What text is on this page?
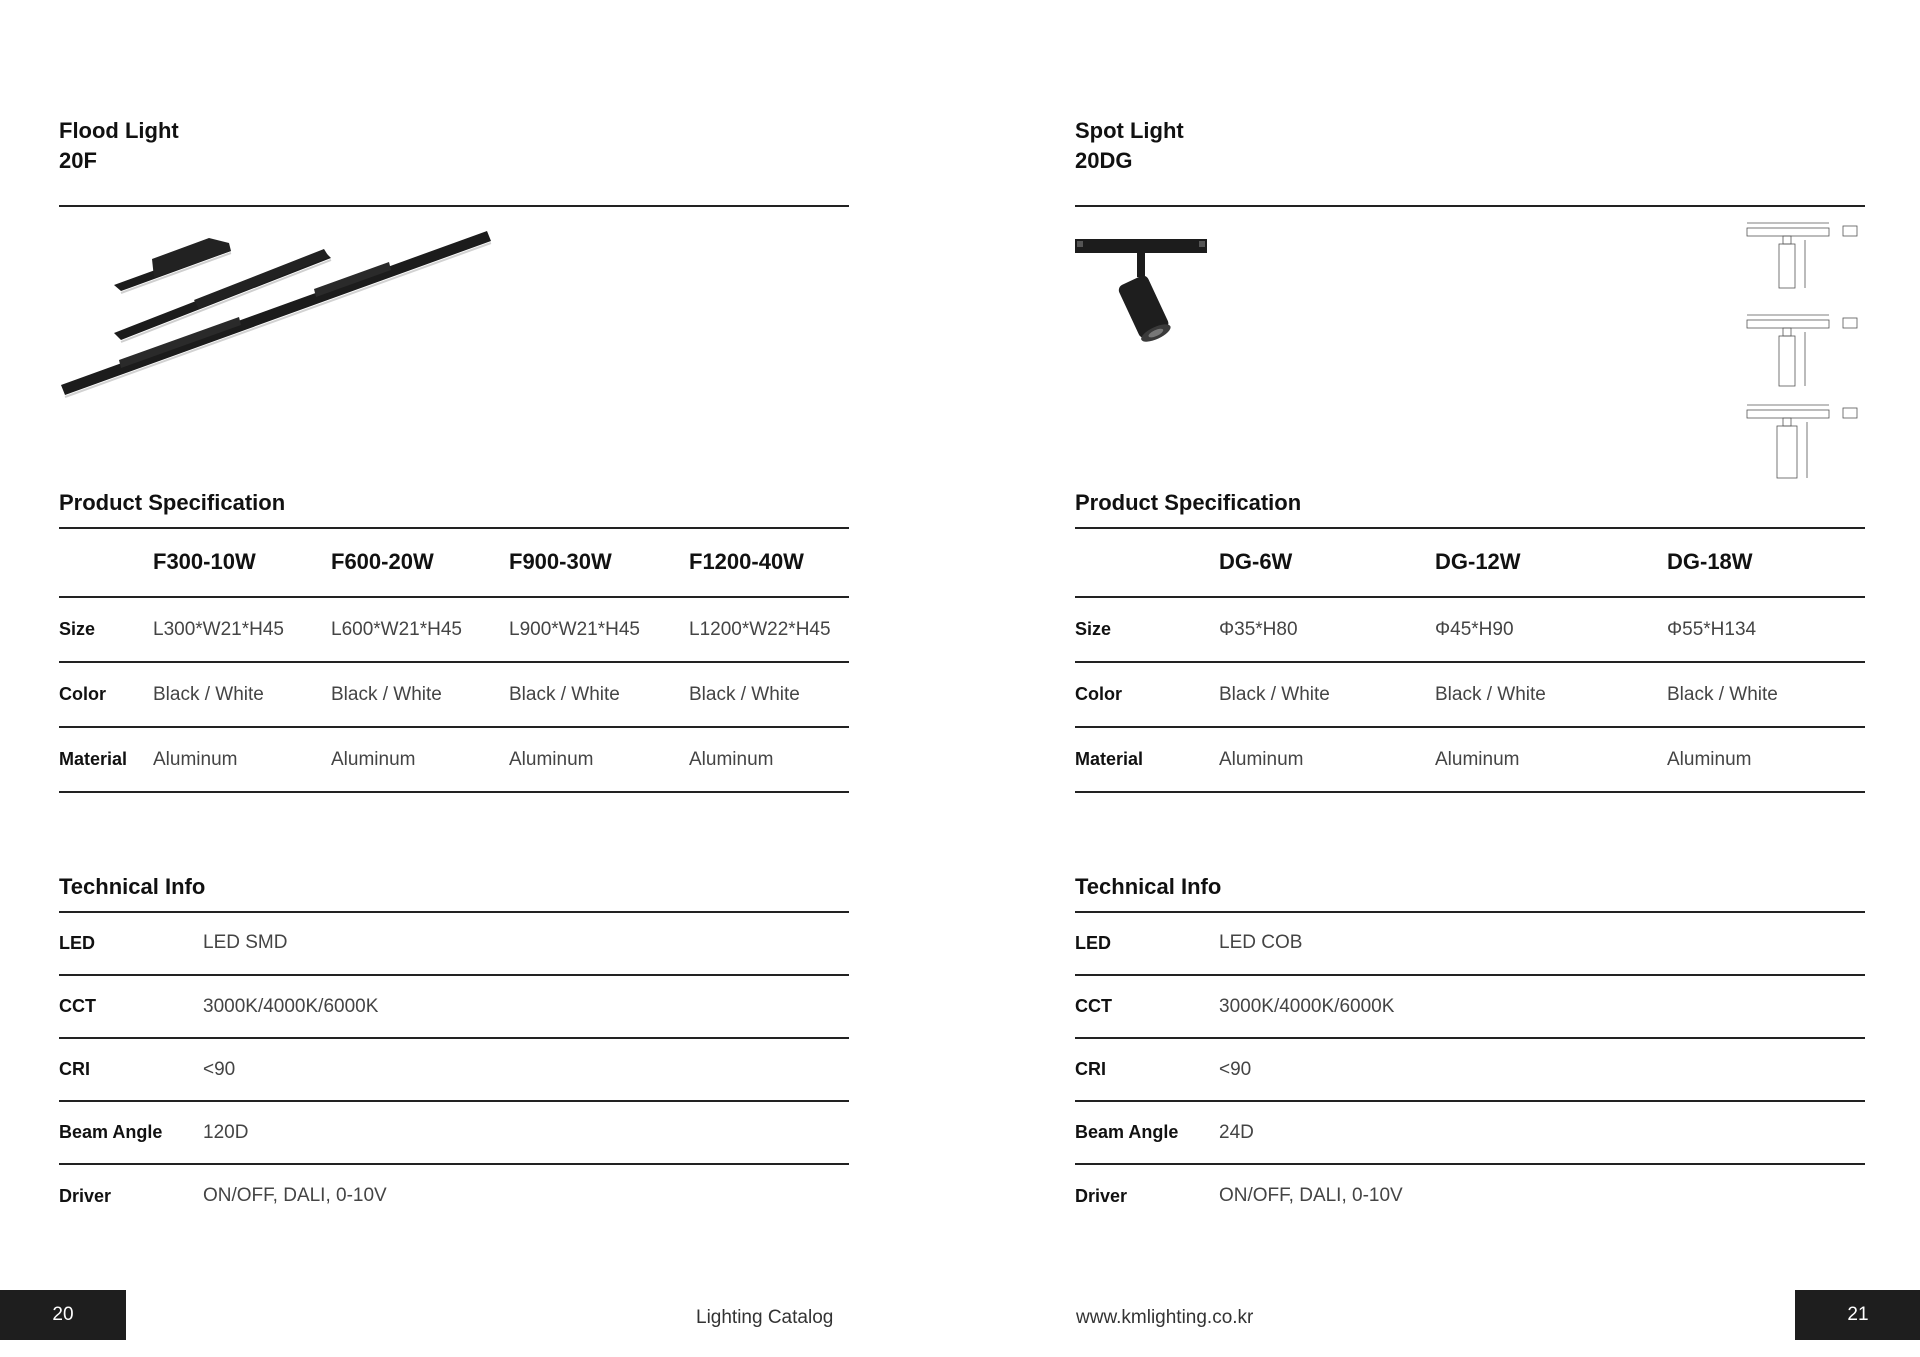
Flood Light
20F
Product Specification
	F300-10W	F600-20W	F900-30W	F1200-40W
Size	L300*W21*H45	L600*W21*H45	L900*W21*H45	L1200*W22*H45
Color	Black / White	Black / White	Black / White	Black / White
Material	Aluminum	Aluminum	Aluminum	Aluminum
Technical Info
LED	LED SMD
CCT	3000K/4000K/6000K
CRI	<90
Beam Angle	120D
Driver	ON/OFF, DALI, 0-10V
20	Lighting Catalog
Spot Light
20DG
Product Specification
	DG-6W	DG-12W	DG-18W
Size	Φ35*H80	Φ45*H90	Φ55*H134
Color	Black / White	Black / White	Black / White
Material	Aluminum	Aluminum	Aluminum
Technical Info
LED	LED COB
CCT	3000K/4000K/6000K
CRI	<90
Beam Angle	24D
Driver	ON/OFF, DALI, 0-10V
www.kmlighting.co.kr	21
